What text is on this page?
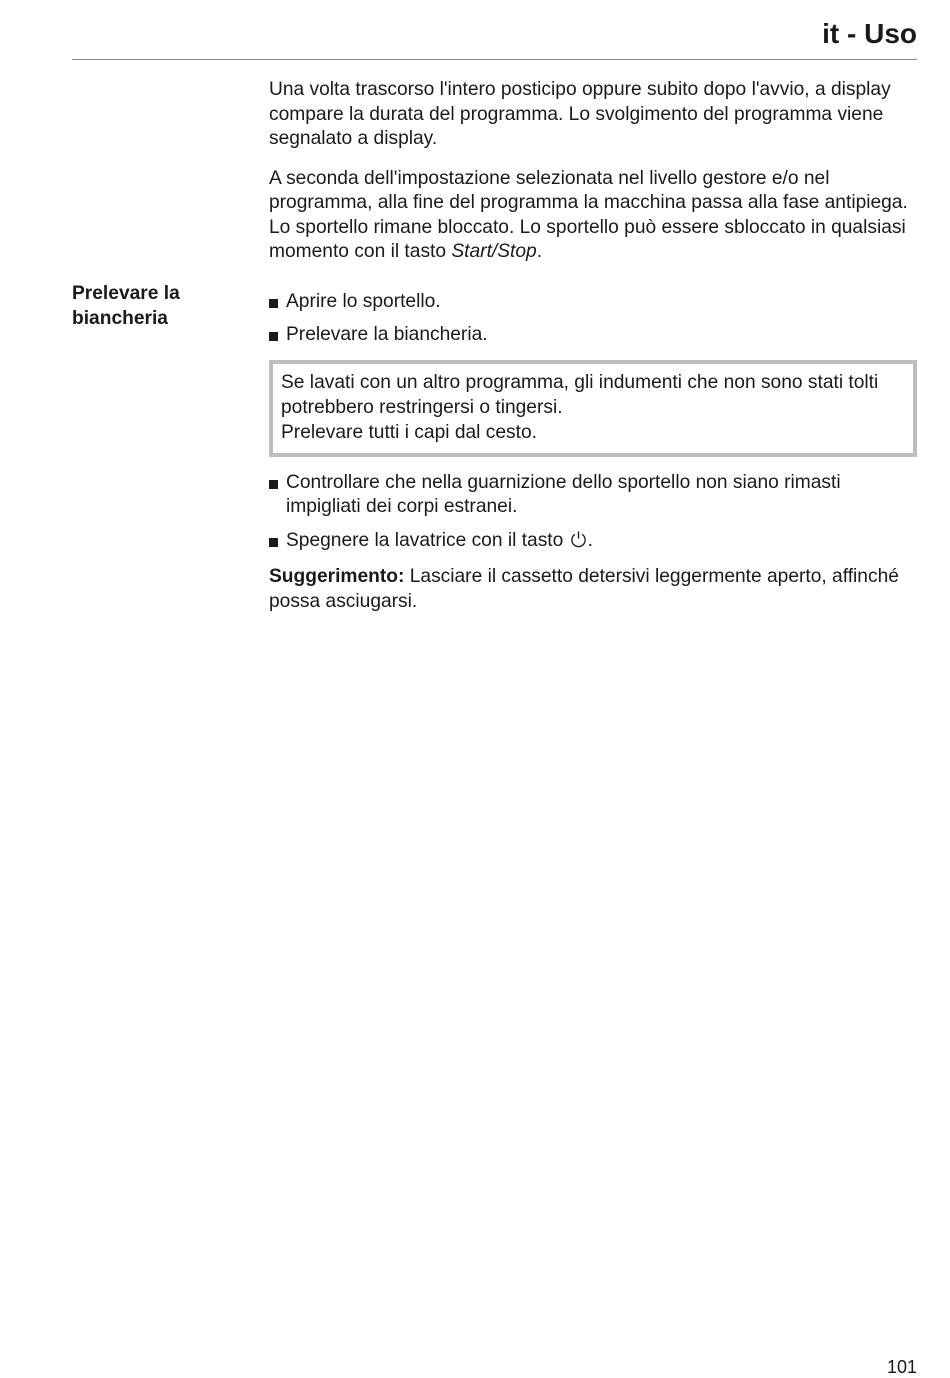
it - Uso
Prelevare la biancheria

Una volta trascorso l'intero posticipo oppure subito dopo l'avvio, a display compare la durata del programma. Lo svolgimento del programma viene segnalato a display.

A seconda dell'impostazione selezionata nel livello gestore e/o nel programma, alla fine del programma la macchina passa alla fase antipiega. Lo sportello rimane bloccato. Lo sportello può essere sbloccato in qualsiasi momento con il tasto Start/Stop.

Aprire lo sportello.
Prelevare la biancheria.
Se lavati con un altro programma, gli indumenti che non sono stati tolti potrebbero restringersi o tingersi.
Prelevare tutti i capi dal cesto.
Controllare che nella guarnizione dello sportello non siano rimasti impigliati dei corpi estranei.
Spegnere la lavatrice con il tasto .

Suggerimento: Lasciare il cassetto detersivi leggermente aperto, affinché possa asciugarsi.

101
